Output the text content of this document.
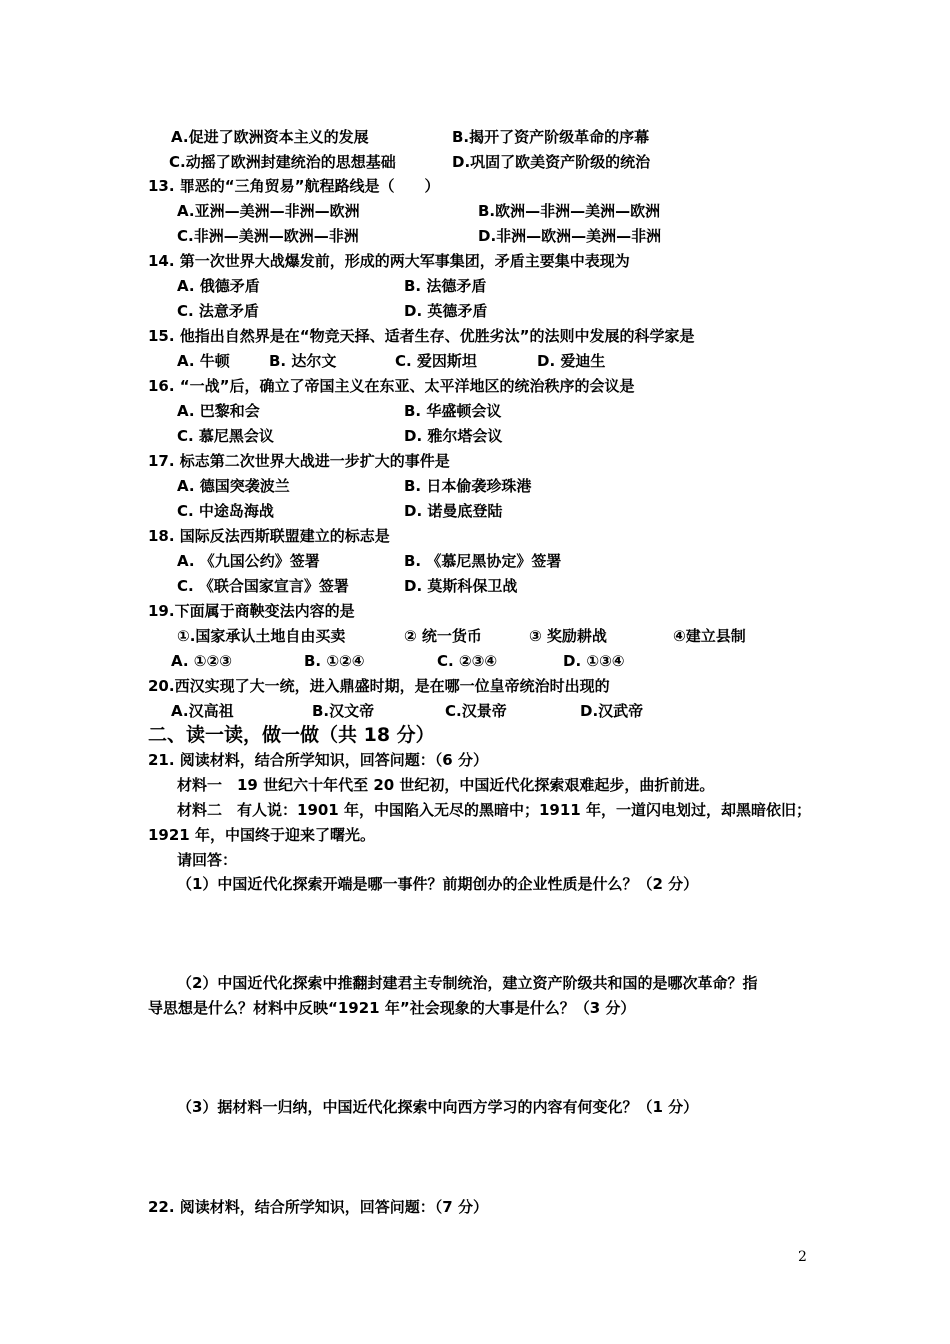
A.促进了欧洲资本主义的发展	B.揭开了资产阶级革命的序幕
C.动摇了欧洲封建统治的思想基础	D.巩固了欧美资产阶级的统治
13. 罪恶的“三角贸易”航程路线是（　　）
A.亚洲—美洲—非洲—欧洲	B.欧洲—非洲—美洲—欧洲
C.非洲—美洲—欧洲—非洲	D.非洲—欧洲—美洲—非洲
14. 第一次世界大战爆发前，形成的两大军事集团，矛盾主要集中表现为
A. 俄德矛盾	B. 法德矛盾
C. 法意矛盾	D. 英德矛盾
15. 他指出自然界是在“物竞天择、适者生存、优胜劣汰”的法则中发展的科学家是
A. 牛顿	B. 达尔文	C. 爱因斯坦	D. 爱迪生
16. “一战”后，确立了帝国主义在东亚、太平洋地区的统治秩序的会议是
A. 巴黎和会	B. 华盛顿会议
C. 慕尼黑会议	D. 雅尔塔会议
17. 标志第二次世界大战进一步扩大的事件是
A. 德国突袭波兰	B. 日本偷袭珍珠港
C. 中途岛海战	D. 诺曼底登陆
18. 国际反法西斯联盟建立的标志是
A. 《九国公约》签署	B. 《慕尼黑协定》签署
C. 《联合国家宣言》签署	D. 莫斯科保卫战
19.下面属于商鞅变法内容的是
①.国家承认土地自由买卖	② 统一货币	③ 奖励耕战	④建立县制
A. ①②③	B. ①②④	C. ②③④	D. ①③④
20.西汉实现了大一统，进入鼎盛时期，是在哪一位皇帝统治时出现的
A.汉高祖	B.汉文帝	C.汉景帝	D.汉武帝
二、读一读，做一做（共 18 分）
21. 阅读材料，结合所学知识，回答问题：（6 分）
材料一　19 世纪六十年代至 20 世纪初，中国近代化探索艰难起步，曲折前进。
材料二　有人说：1901 年，中国陷入无尽的黑暗中；1911 年，一道闪电划过，却黑暗依旧；
1921 年，中国终于迎来了曙光。
请回答：
（1）中国近代化探索开端是哪一事件？前期创办的企业性质是什么？（2 分）
（2）中国近代化探索中推翻封建君主专制统治，建立资产阶级共和国的是哪次革命？指
导思想是什么？材料中反映“1921 年”社会现象的大事是什么？（3 分）
（3）据材料一归纳，中国近代化探索中向西方学习的内容有何变化？（1 分）
22. 阅读材料，结合所学知识，回答问题：（7 分）
2
